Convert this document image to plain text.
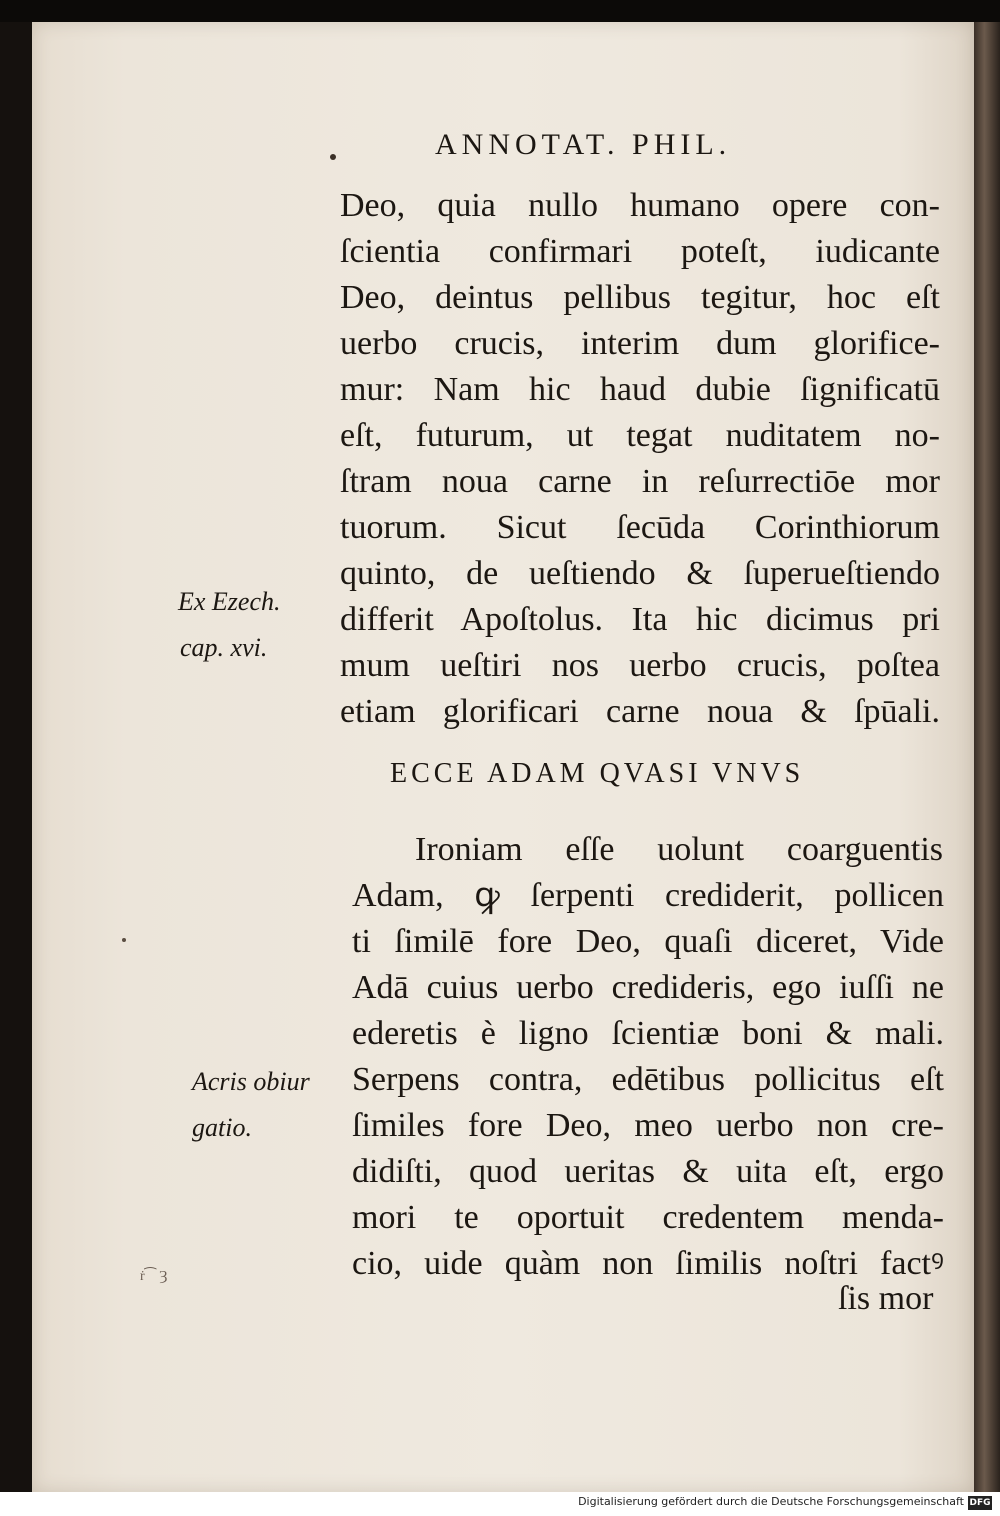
ANNOTAT. PHIL.
Deo, quia nullo humano opere con-
ſcientia confirmari poteſt, iudicante
Deo, deintus pellibus tegitur, hoc eſt
uerbo crucis, interim dum glorifice-
mur: Nam hic haud dubie ſignificatū
eſt, futurum, ut tegat nuditatem no-
ſtram noua carne in reſurrectiōe mor
tuorum. Sicut ſecūda Corinthiorum
quinto, de ueſtiendo & ſuperueſtiendo
differit Apoſtolus. Ita hic dicimus pri
mum ueſtiri nos uerbo crucis, poſtea
etiam glorificari carne noua & ſpūali.
Ex Ezech.
cap. xvi.
ECCE ADAM QVASI VNVS
Ironiam eſſe uolunt coarguentis
Adam, ꝙ ſerpenti crediderit, pollicen
ti ſimilē fore Deo, quaſi diceret, Vide
Adā cuius uerbo credideris, ego iuſſi ne
ederetis è ligno ſcientiæ boni & mali.
Serpens contra, edētibus pollicitus eſt
ſimiles fore Deo, meo uerbo non cre-
didiſti, quod ueritas & uita eſt, ergo
mori te oportuit credentem menda-
cio, uide quàm non ſimilis noſtri factꝰ
Acris obiur
gatio.
ſis mor
ṙ⁀ Ȝ
Digitalisierung gefördert durch die Deutsche Forschungsgemeinschaft DFG
